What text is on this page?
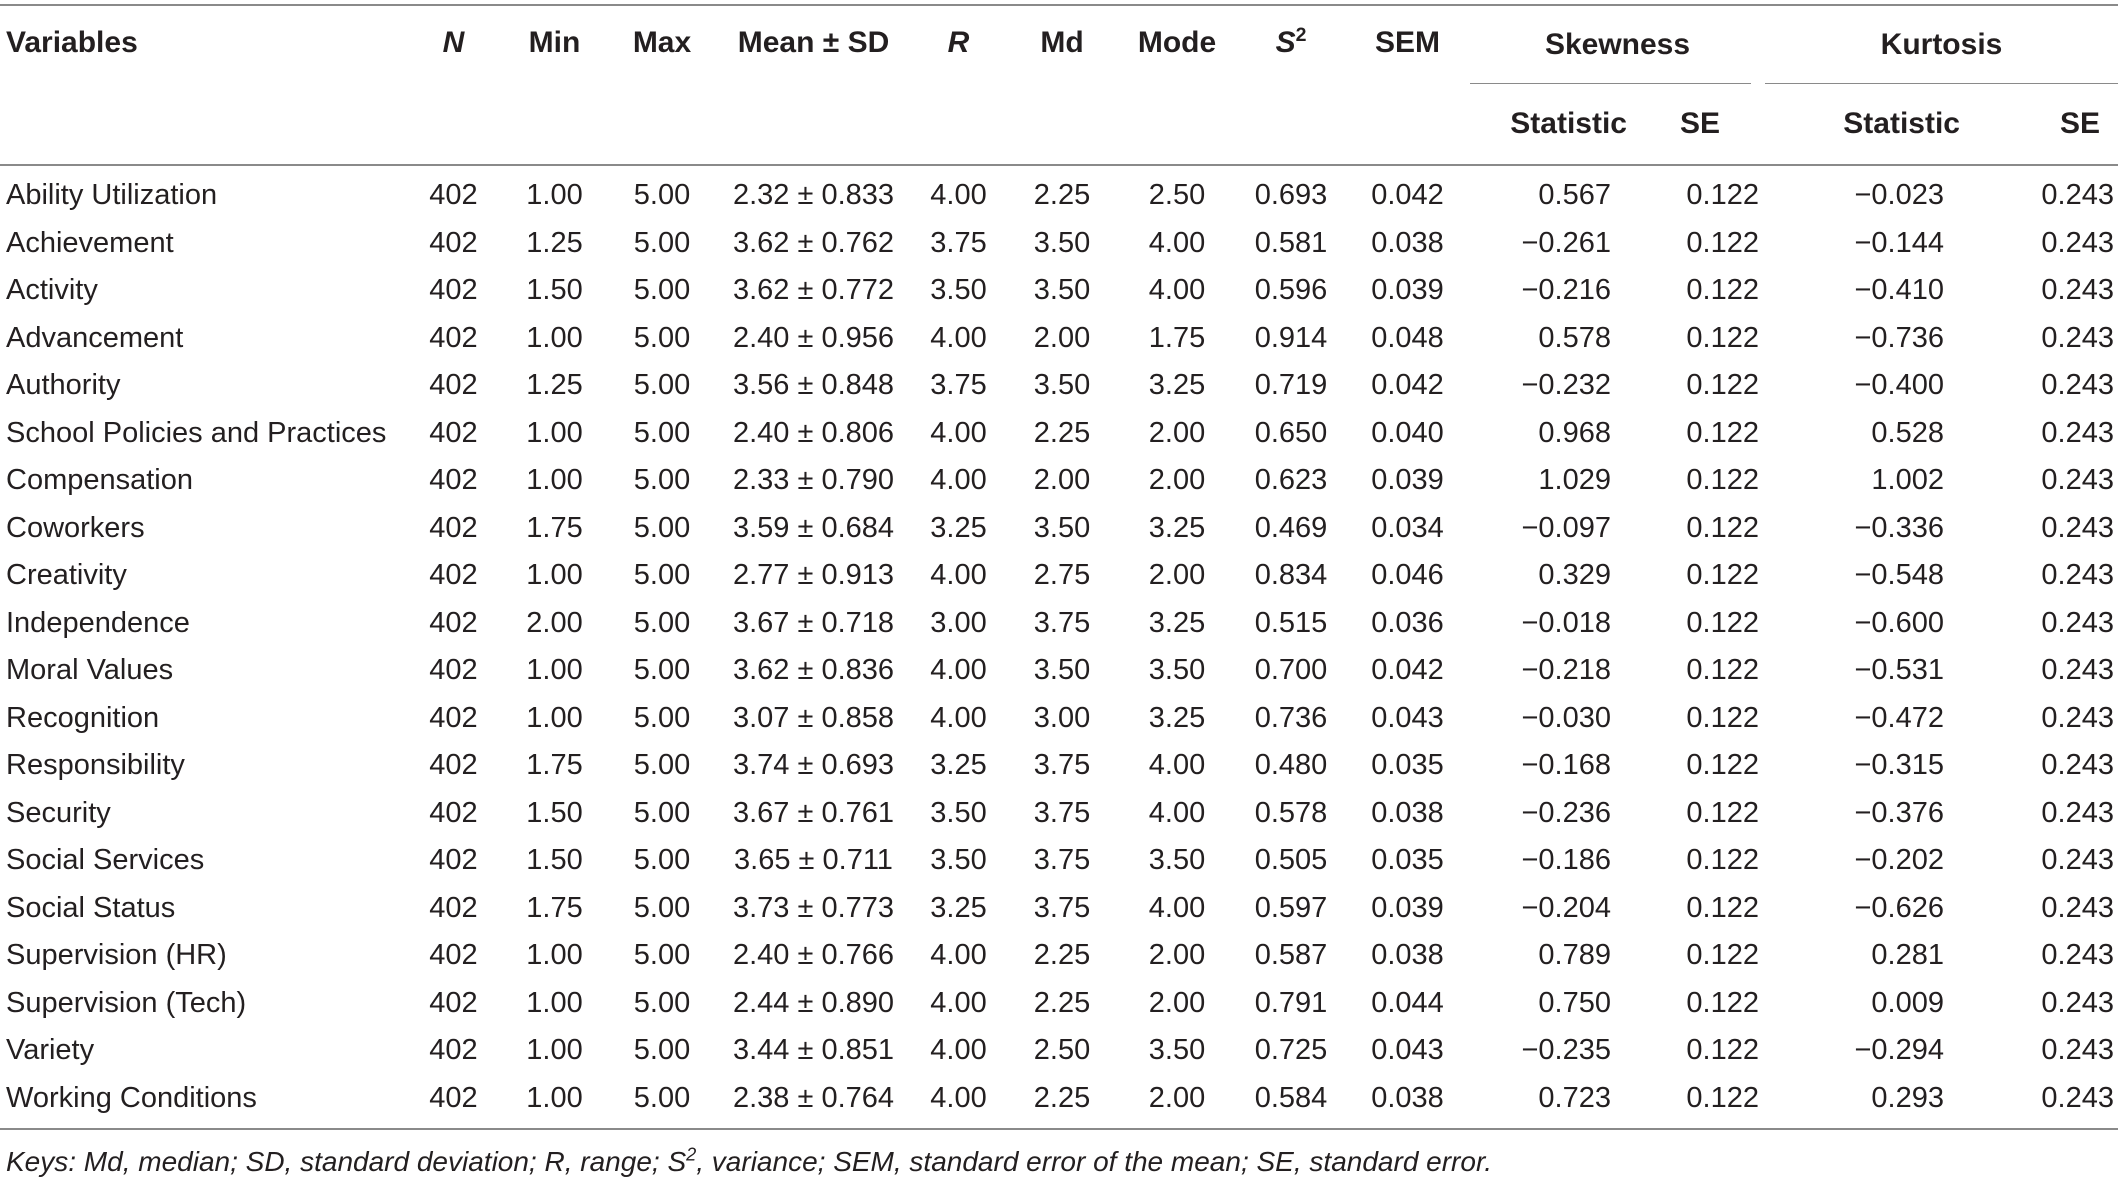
Variables	N	Min	Max	Mean ± SD	R	Md	Mode	$S^2$	SEM	Skewness		Kurtosis	
										Statistic	SE	Statistic	SE
Ability Utilization	402	1.00	5.00	2.32 ± 0.833	4.00	2.25	2.50	0.693	0.042	0.567	0.122	−0.023	0.243
Achievement	402	1.25	5.00	3.62 ± 0.762	3.75	3.50	4.00	0.581	0.038	−0.261	0.122	−0.144	0.243
Activity	402	1.50	5.00	3.62 ± 0.772	3.50	3.50	4.00	0.596	0.039	−0.216	0.122	−0.410	0.243
Advancement	402	1.00	5.00	2.40 ± 0.956	4.00	2.00	1.75	0.914	0.048	0.578	0.122	−0.736	0.243
Authority	402	1.25	5.00	3.56 ± 0.848	3.75	3.50	3.25	0.719	0.042	−0.232	0.122	−0.400	0.243
School Policies and Practices	402	1.00	5.00	2.40 ± 0.806	4.00	2.25	2.00	0.650	0.040	0.968	0.122	0.528	0.243
Compensation	402	1.00	5.00	2.33 ± 0.790	4.00	2.00	2.00	0.623	0.039	1.029	0.122	1.002	0.243
Coworkers	402	1.75	5.00	3.59 ± 0.684	3.25	3.50	3.25	0.469	0.034	−0.097	0.122	−0.336	0.243
Creativity	402	1.00	5.00	2.77 ± 0.913	4.00	2.75	2.00	0.834	0.046	0.329	0.122	−0.548	0.243
Independence	402	2.00	5.00	3.67 ± 0.718	3.00	3.75	3.25	0.515	0.036	−0.018	0.122	−0.600	0.243
Moral Values	402	1.00	5.00	3.62 ± 0.836	4.00	3.50	3.50	0.700	0.042	−0.218	0.122	−0.531	0.243
Recognition	402	1.00	5.00	3.07 ± 0.858	4.00	3.00	3.25	0.736	0.043	−0.030	0.122	−0.472	0.243
Responsibility	402	1.75	5.00	3.74 ± 0.693	3.25	3.75	4.00	0.480	0.035	−0.168	0.122	−0.315	0.243
Security	402	1.50	5.00	3.67 ± 0.761	3.50	3.75	4.00	0.578	0.038	−0.236	0.122	−0.376	0.243
Social Services	402	1.50	5.00	3.65 ± 0.711	3.50	3.75	3.50	0.505	0.035	−0.186	0.122	−0.202	0.243
Social Status	402	1.75	5.00	3.73 ± 0.773	3.25	3.75	4.00	0.597	0.039	−0.204	0.122	−0.626	0.243
Supervision (HR)	402	1.00	5.00	2.40 ± 0.766	4.00	2.25	2.00	0.587	0.038	0.789	0.122	0.281	0.243
Supervision (Tech)	402	1.00	5.00	2.44 ± 0.890	4.00	2.25	2.00	0.791	0.044	0.750	0.122	0.009	0.243
Variety	402	1.00	5.00	3.44 ± 0.851	4.00	2.50	3.50	0.725	0.043	−0.235	0.122	−0.294	0.243
Working Conditions	402	1.00	5.00	2.38 ± 0.764	4.00	2.25	2.00	0.584	0.038	0.723	0.122	0.293	0.243
Keys: Md, median; SD, standard deviation; R, range; $S^2$, variance; SEM, standard error of the mean; SE, standard error.
